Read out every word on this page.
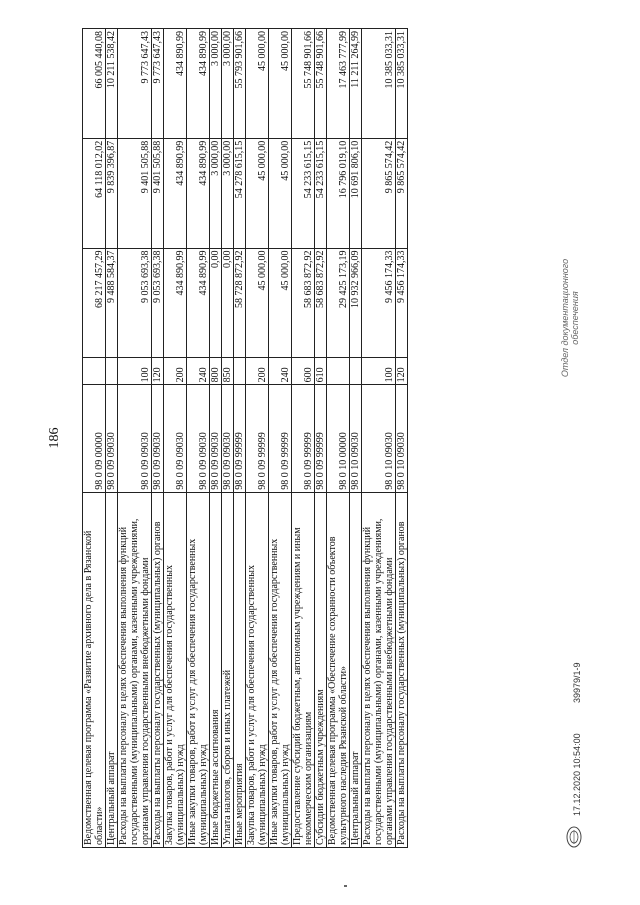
186
Ведомственная целевая программа «Развитие архивного дела в Рязанской области»	98 0 09 00000		68 217 457,29	64 118 012,02	66 005 440,08
Центральный аппарат	98 0 09 09030		9 488 584,37	9 839 396,87	10 211 538,42
Расходы на выплаты персоналу в целях обеспечения выполнения функций государственными (муниципальными) органами, казенными учреждениями, органами управления государственными внебюджетными фондами	98 0 09 09030	100	9 053 693,38	9 401 505,88	9 773 647,43
Расходы на выплаты персоналу государственных (муниципальных) органов	98 0 09 09030	120	9 053 693,38	9 401 505,88	9 773 647,43
Закупка товаров, работ и услуг для обеспечения государственных (муниципальных) нужд	98 0 09 09030	200	434 890,99	434 890,99	434 890,99
Иные закупки товаров, работ и услуг для обеспечения государственных (муниципальных) нужд	98 0 09 09030	240	434 890,99	434 890,99	434 890,99
Иные бюджетные ассигнования	98 0 09 09030	800	0,00	3 000,00	3 000,00
Уплата налогов, сборов и иных платежей	98 0 09 09030	850	0,00	3 000,00	3 000,00
Иные мероприятия	98 0 09 99999		58 728 872,92	54 278 615,15	55 793 901,66
Закупка товаров, работ и услуг для обеспечения государственных (муниципальных) нужд	98 0 09 99999	200	45 000,00	45 000,00	45 000,00
Иные закупки товаров, работ и услуг для обеспечения государственных (муниципальных) нужд	98 0 09 99999	240	45 000,00	45 000,00	45 000,00
Предоставление субсидий бюджетным, автономным учреждениям и иным некоммерческим организациям	98 0 09 99999	600	58 683 872,92	54 233 615,15	55 748 901,66
Субсидии бюджетным учреждениям	98 0 09 99999	610	58 683 872,92	54 233 615,15	55 748 901,66
Ведомственная целевая программа «Обеспечение сохранности объектов культурного наследия Рязанской области»	98 0 10 00000		29 425 173,19	16 796 019,10	17 463 777,99
Центральный аппарат	98 0 10 09030		10 932 966,09	10 691 806,10	11 211 264,99
Расходы на выплаты персоналу в целях обеспечения выполнения функций государственными (муниципальными) органами, казенными учреждениями, органами управления государственными внебюджетными фондами	98 0 10 09030	100	9 456 174,33	9 865 574,42	10 385 033,31
Расходы на выплаты персоналу государственных (муниципальных) органов	98 0 10 09030	120	9 456 174,33	9 865 574,42	10 385 033,31
17.12.2020 10:54:00
39979/1-9
Отдел документационного обеспечения
